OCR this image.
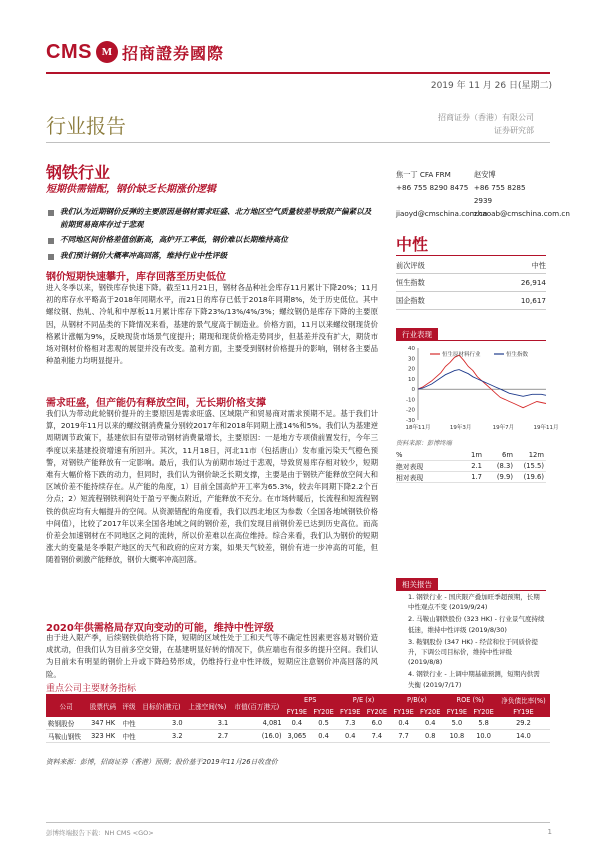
CMS M 招商證券國際
2019 年 11 月 26 日(星期二)
行业报告	招商证券（香港）有限公司
证券研究部
钢铁行业
短期供需错配，钢价缺乏长期涨价逻辑
我们认为近期钢价反弹的主要原因是钢材需求旺盛、北方地区空气质量较差导致限产偏紧以及前期贸易商库存过于悲观
不同地区间价格差值创新高，高炉开工率低，钢价难以长期维持高位
我们预计钢价大概率冲高回落，维持行业中性评级
钢价短期快速攀升，库存回落至历史低位
进入冬季以来，钢铁库存快速下降。截至11月21日，钢材各品种社会库存11月累计下降20%；11月初的库存水平略高于2018年同期水平，而21日的库存已低于2018年同期8%，处于历史低位。其中螺纹钢、热轧、冷轧和中厚板11月累计库存下降23%/13%/4%/3%；螺纹钢仍是库存下降的主要原因，从钢材不同品类的下降情况来看，基建的景气度高于制造业。价格方面，11月以来螺纹钢现货价格累计涨幅为9%，反映现货市场景气度提升；期现和现货价格走势同步，但基差并没有扩大，期货市场对钢材价格相对悲观的展望并没有改变。盈利方面，主要受到钢材价格提升的影响，钢材各主要品种盈利能力均明显提升。
需求旺盛，但产能仍有释放空间，无长期价格支撑
我们认为带动此轮钢价提升的主要原因是需求旺盛、区域限产和贸易商对需求预期不足。基于我们计算，2019年11月以来的螺纹钢消费量分别较2017年和2018年同期上涨14%和5%。我们认为基建逆周期调节政策下，基建依旧有望带动钢材消费量增长，主要原因：一是地方专项债前置发行，今年三季度以来基建投资增速有所回升。其次，11月18日，河北11市（包括唐山）发布重污染天气橙色预警，对钢铁产能释放有一定影响。最后，我们认为前期市场过于悲观，导致贸易库存相对较少，短期难有大幅价格下跌的动力，但同时，我们认为钢价缺乏长期支撑，主要是由于钢铁产能释放空间大和区域价差不能持续存在。从产能的角度，1）目前全国高炉开工率为65.3%，较去年同期下降2.2个百分点；2）短流程钢铁利润处于盈亏平衡点附近，产能释放不充分。在市场转暖后，长流程和短流程钢铁的供应均有大幅提升的空间。从资源错配的角度看，我们以西北地区为参数（全国各地域钢铁价格中间值），比较了2017年以来全国各地域之间的钢价差，我们发现目前钢价差已达到历史高位。而高价差会加速钢材在不同地区之间的流转，所以价差难以在高位维持。综合来看，我们认为钢价的短期涨大的变量是冬季限产地区的天气和政府的应对方案，如果天气较差，钢价有进一步冲高的可能，但随着钢价刺激产能释放，钢价大概率冲高回落。
2020年供需格局存双向变动的可能，维持中性评级
由于进入限产季，后续钢铁供给将下降，短期的区域性处于工和天气等不确定性因素更容易对钢价造成扰动，但我们认为目前多空交错，在基建明显好转的情况下，供应端也有很多的提升空间。我们认为目前未有明显的钢价上升或下降趋势形成，仍维持行业中性评级，短期应注意钢价冲高回落的风险。
焦一丁 CFA FRM	赵安博
+86 755 8290 8475 +86 755 8285 2939
jiaoyd@cmschina.com.cn
zhaoab@cmschina.com.cn
中性
前次评级	中性
恒生指数	26,914
国企指数	10,617
行业表现
-30
-20
-10
0
10
20
30
40
18年11月	19年3月	19年7月	19年11月
恒生原材料行业	恒生指数
资料来源：彭博终端
%	1m	6m	12m
绝对表现	2.1	(8.3)	(15.5)
相对表现	1.7	(9.9)	(19.6)
相关报告
1. 钢铁行业 - 国庆限产叠加旺季超预期，长期中性观点不变 (2019/9/24)
2. 马鞍山钢铁股份 (323 HK) - 行业景气度持续低迷，维持中性评级 (2019/8/30)
3. 鞍钢股份 (347 HK) - 经营和位于同质价提升，下调公司目标价，维持中性评级 (2019/8/8)
4. 钢铁行业 - 上调中期基础预测，短期内供需失衡 (2019/7/17)
重点公司主要财务指标
公司	股票代码	评级	目标价(港元)	上涨空间(%)	市值(百万港元)	EPS		P/E (x)		P/B(x)		ROE (%)		净负债比率(%)
						FY19E	FY20E	FY19E	FY20E	FY19E	FY20E	FY19E	FY20E	FY19E
鞍钢股份	347 HK	中性	3.0	3.1	4,081	0.4	0.5	7.3	6.0	0.4	0.4	5.0	5.8	29.2
马鞍山钢铁	323 HK	中性	3.2	2.7	(16.0)	3,065	0.4	0.4	7.4	7.7	0.8	10.8	10.0	14.0
资料来源：彭博，招商证券（香港）预测；股价基于2019年11月26日收盘价
彭博终端报告下载：NH CMS <GO>	1
